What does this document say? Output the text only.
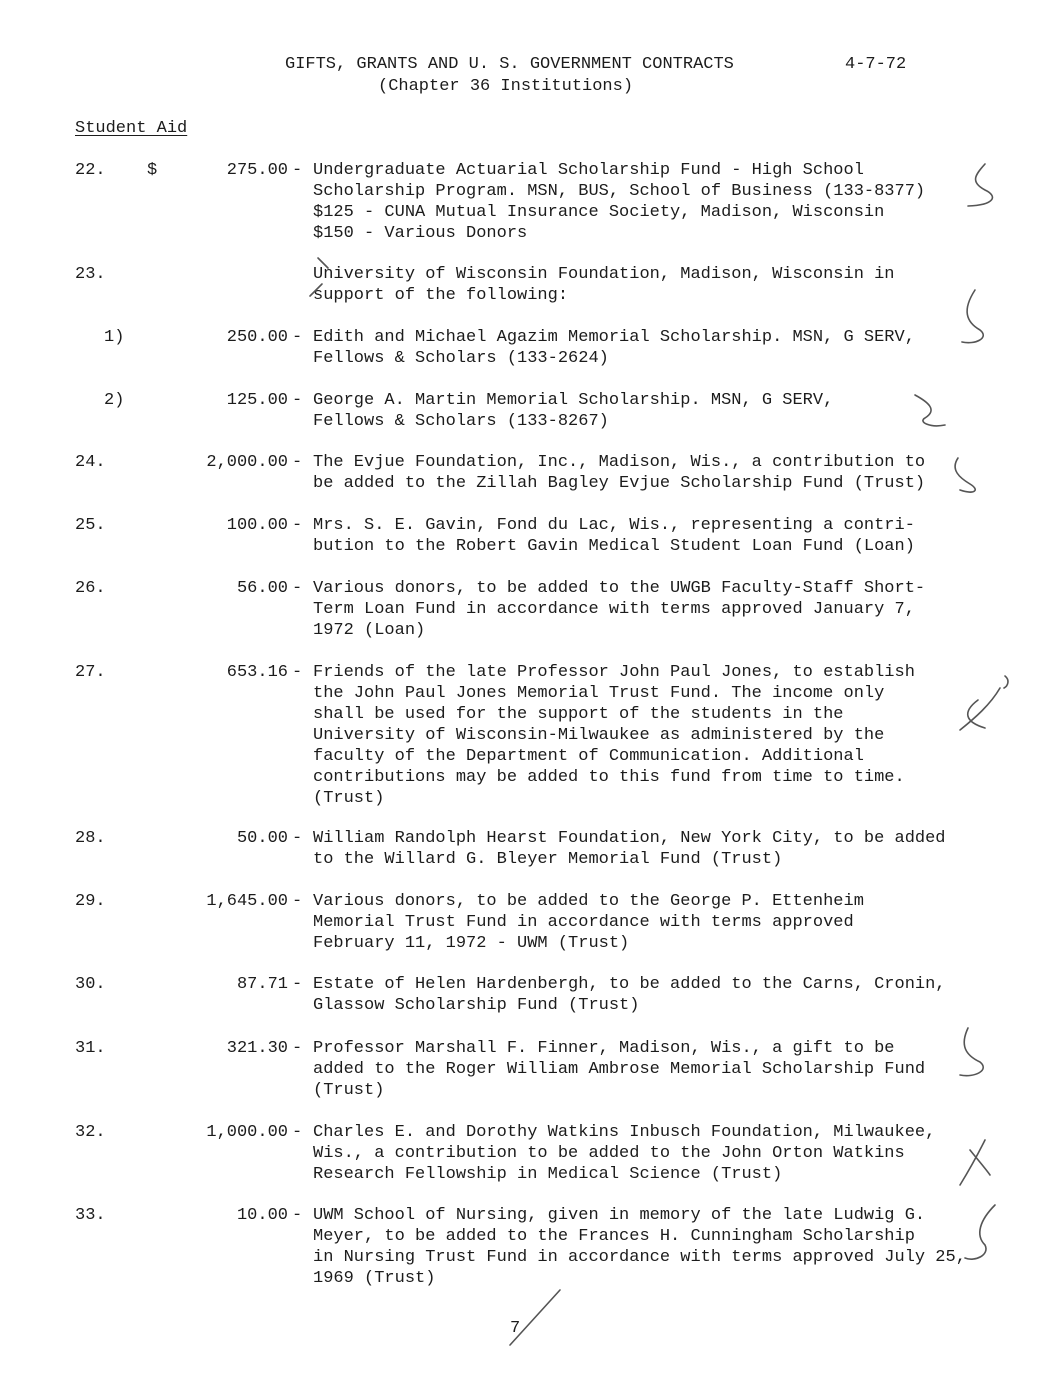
GIFTS, GRANTS AND U. S. GOVERNMENT CONTRACTS
(Chapter 36 Institutions)
4-7-72
Student Aid
22. $	275.00 - Undergraduate Actuarial Scholarship Fund - High School
Scholarship Program. MSN, BUS, School of Business (133-8377)
$125 - CUNA Mutual Insurance Society, Madison, Wisconsin
$150 - Various Donors
23.	University of Wisconsin Foundation, Madison, Wisconsin in
support of the following:
1)	250.00 - Edith and Michael Agazim Memorial Scholarship. MSN, G SERV,
Fellows & Scholars (133-2624)
2)	125.00 - George A. Martin Memorial Scholarship. MSN, G SERV,
Fellows & Scholars (133-8267)
24.	2,000.00 - The Evjue Foundation, Inc., Madison, Wis., a contribution to
be added to the Zillah Bagley Evjue Scholarship Fund (Trust)
25.	100.00 - Mrs. S. E. Gavin, Fond du Lac, Wis., representing a contri-
bution to the Robert Gavin Medical Student Loan Fund (Loan)
26.	56.00 - Various donors, to be added to the UWGB Faculty-Staff Short-
Term Loan Fund in accordance with terms approved January 7,
1972 (Loan)
27.	653.16 - Friends of the late Professor John Paul Jones, to establish
the John Paul Jones Memorial Trust Fund. The income only
shall be used for the support of the students in the
University of Wisconsin-Milwaukee as administered by the
faculty of the Department of Communication. Additional
contributions may be added to this fund from time to time.
(Trust)
28.	50.00 - William Randolph Hearst Foundation, New York City, to be added
to the Willard G. Bleyer Memorial Fund (Trust)
29.	1,645.00 - Various donors, to be added to the George P. Ettenheim
Memorial Trust Fund in accordance with terms approved
February 11, 1972 - UWM (Trust)
30.	87.71 - Estate of Helen Hardenbergh, to be added to the Carns, Cronin,
Glassow Scholarship Fund (Trust)
31.	321.30 - Professor Marshall F. Finner, Madison, Wis., a gift to be
added to the Roger William Ambrose Memorial Scholarship Fund
(Trust)
32.	1,000.00 - Charles E. and Dorothy Watkins Inbusch Foundation, Milwaukee,
Wis., a contribution to be added to the John Orton Watkins
Research Fellowship in Medical Science (Trust)
33.	10.00 - UWM School of Nursing, given in memory of the late Ludwig G.
Meyer, to be added to the Frances H. Cunningham Scholarship
in Nursing Trust Fund in accordance with terms approved July 25,
1969 (Trust)
7
